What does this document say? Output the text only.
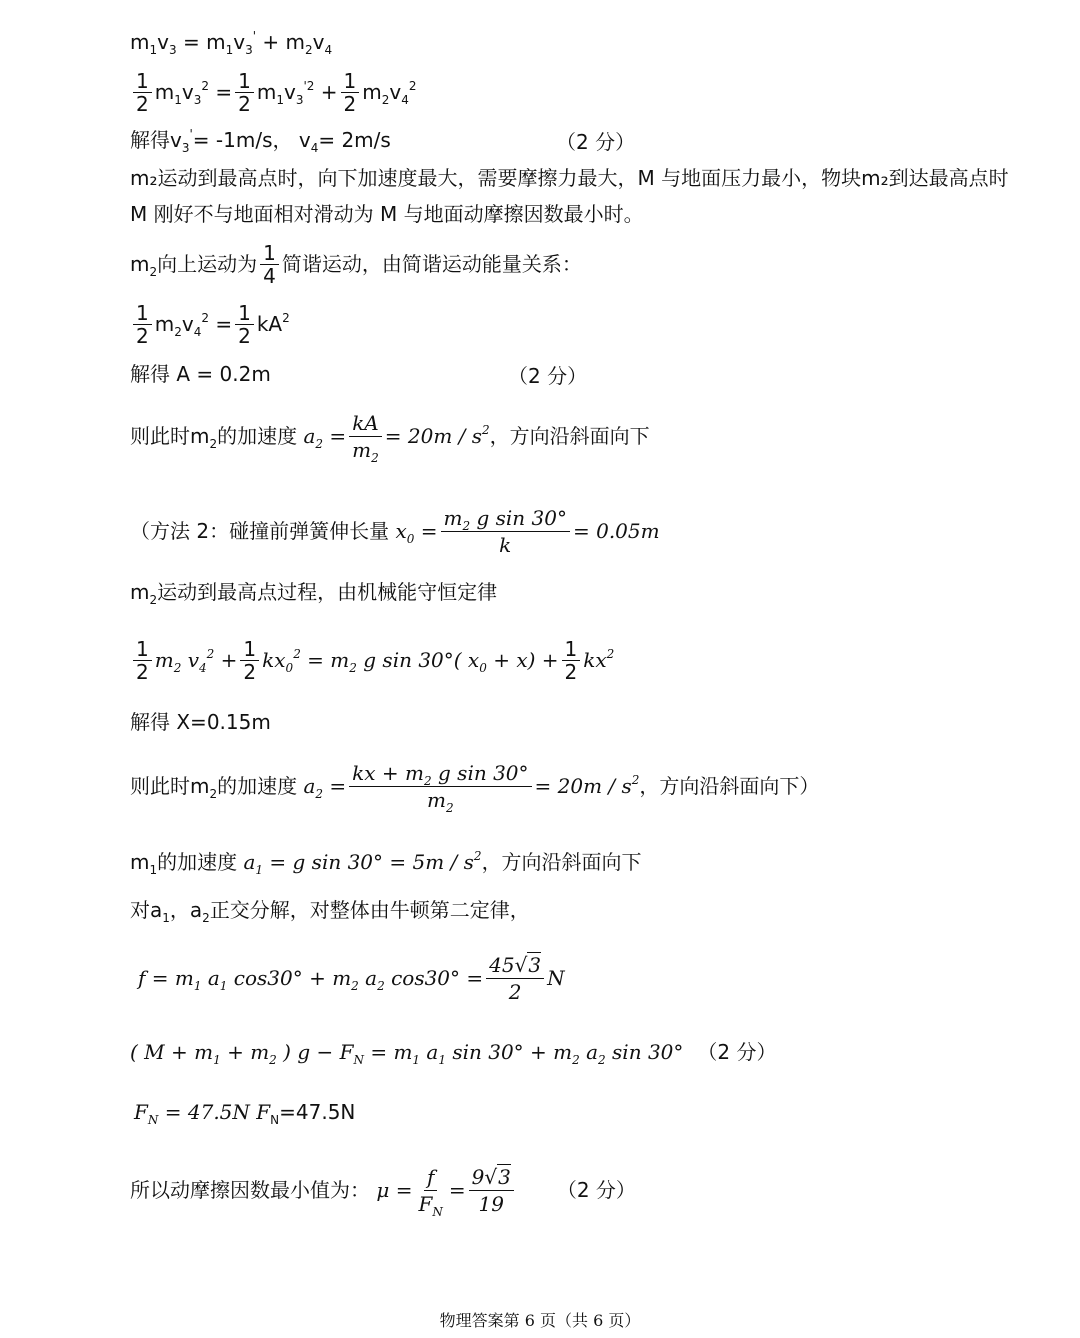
$m_1v_3 = m_1v_3' + m_2v_4$
$\frac{1}{2} m_1v_3^2 = \frac{1}{2} m_1v_3^{'2} + \frac{1}{2} m_2v_4^2$
解得 $v_3' = -1m/s$， $v_4 = 2m/s$	（2 分）
m₂运动到最高点时，向下加速度最大，需要摩擦力最大，M 与地面压力最小，物块m₂到达最高点时 M 刚好不与地面相对滑动为 M 与地面动摩擦因数最小时。
$m_2$ 向上运动为 $\frac{1}{4}$ 简谐运动，由简谐运动能量关系：
$\frac{1}{2} m_2v_4^2 = \frac{1}{2} kA^2$
解得 A = 0.2m	（2 分）
则此时m $_2$ 的加速度 $a_2 = \frac{kA}{m_2} = 20m / s$ $^2$ ，方向沿斜面向下
（方法 2：碰撞前弹簧伸长量 $x_0 = \frac{m_2 g \sin 30^\circ}{k} = 0.05m$
$m_2$ 运动到最高点过程，由机械能守恒定律
$\frac{1}{2} m_2$ $v_4^2 + \frac{1}{2} kx_0^2 = m_2$ g sin 30°( $x_0 + x) + \frac{1}{2} kx^2$
解得 X=0.15m
则此时m $_2$ 的加速度 $a_2 = \frac{kx + m_2 g \sin 30^\circ}{m_2} = 20m / s$ $^2$ ，方向沿斜面向下）
$m_1$ 的加速度 $a_1 = g$ sin 30° = 5m / s $^2$ ，方向沿斜面向下
对$a_1$，$a_2$ 正交分解，对整体由牛顿第二定律，
$f = m_1$ $a_1$ $\cos 30^\circ + m_2$ $a_2$ $\cos 30^\circ = \frac{45√3}{2}$ N
( $M + m_1 + m_2$ ) $g - F_N = m_1$ $a_1$ $\sin 30^\circ + m_2$ $a_2$ sin 30° （2 分）
$F_N = 47.5N$ F $_N$ =47.5N
所以动摩擦因数最小值为： $\mu = \frac{f}{F_N} = \frac{9√3}{19} (2$ 分）
物理答案第 6 页（共 6 页）
